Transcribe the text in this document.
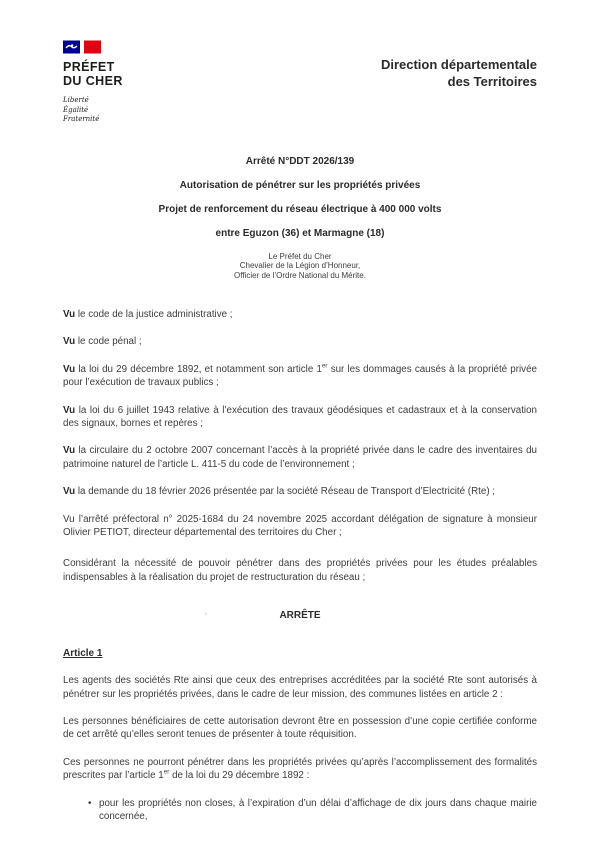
PRÉFET
DU CHER
Liberté
Égalité
Fraternité
Direction départementale
des Territoires
Arrêté N°DDT 2026/139
Autorisation de pénétrer sur les propriétés privées
Projet de renforcement du réseau électrique à 400 000 volts
entre Eguzon (36) et Marmagne (18)
Le Préfet du Cher
Chevalier de la Légion d’Honneur,
Officier de l’Ordre National du Mérite.

Vu le code de la justice administrative ;

Vu le code pénal ;

Vu la loi du 29 décembre 1892, et notamment son article 1er sur les dommages causés à la propriété privée pour l’exécution de travaux publics ;

Vu la loi du 6 juillet 1943 relative à l’exécution des travaux géodésiques et cadastraux et à la conservation des signaux, bornes et repères ;

Vu la circulaire du 2 octobre 2007 concernant l’accès à la propriété privée dans le cadre des inventaires du patrimoine naturel de l’article L. 411-5 du code de l’environnement ;

Vu la demande du 18 février 2026 présentée par la société Réseau de Transport d’Electricité (Rte) ;

Vu l’arrêté préfectoral n° 2025-1684 du 24 novembre 2025 accordant délégation de signature à monsieur Olivier PETIOT, directeur départemental des territoires du Cher ;

Considérant la nécessité de pouvoir pénétrer dans des propriétés privées pour les études préalables indispensables à la réalisation du projet de restructuration du réseau ;

’	ARRÊTE
Article 1

Les agents des sociétés Rte ainsi que ceux des entreprises accréditées par la société Rte sont autorisés à pénétrer sur les propriétés privées, dans le cadre de leur mission, des communes listées en article 2 :

Les personnes bénéficiaires de cette autorisation devront être en possession d’une copie certifiée conforme de cet arrêté qu’elles seront tenues de présenter à toute réquisition.

Ces personnes ne pourront pénétrer dans les propriétés privées qu’après l’accomplissement des formalités prescrites par l’article 1er de la loi du 29 décembre 1892 :

• pour les propriétés non closes, à l’expiration d’un délai d’affichage de dix jours dans chaque mairie concernée,
